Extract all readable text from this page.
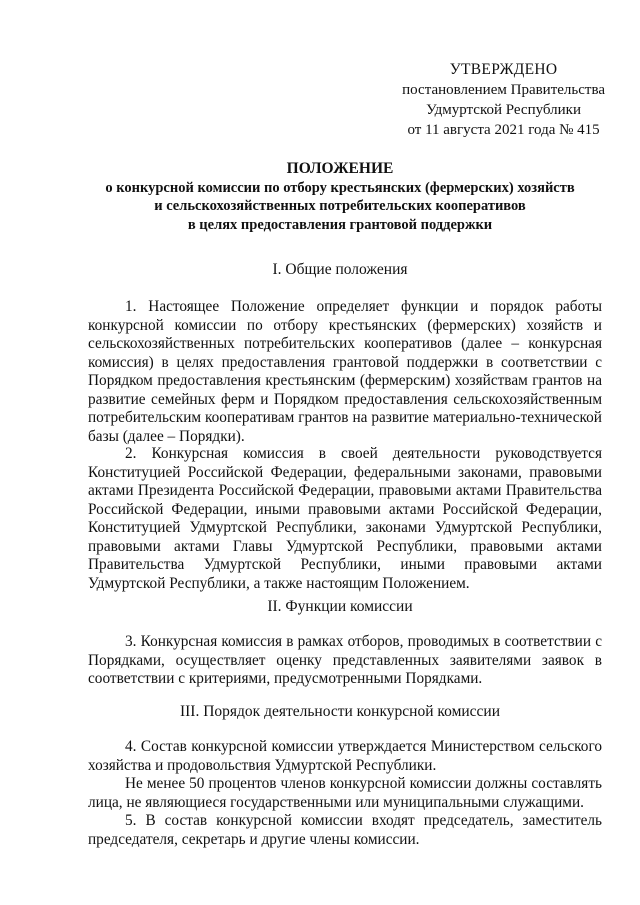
УТВЕРЖДЕНО
постановлением Правительства
Удмуртской Республики
от 11 августа 2021 года № 415
ПОЛОЖЕНИЕ
о конкурсной комиссии по отбору крестьянских (фермерских) хозяйств
и сельскохозяйственных потребительских кооперативов
в целях предоставления грантовой поддержки
I. Общие положения
1. Настоящее Положение определяет функции и порядок работы конкурсной комиссии по отбору крестьянских (фермерских) хозяйств и сельскохозяйственных потребительских кооперативов (далее – конкурсная комиссия) в целях предоставления грантовой поддержки в соответствии с Порядком предоставления крестьянским (фермерским) хозяйствам грантов на развитие семейных ферм и Порядком предоставления сельскохозяйственным потребительским кооперативам грантов на развитие материально-технической базы (далее – Порядки).
2. Конкурсная комиссия в своей деятельности руководствуется Конституцией Российской Федерации, федеральными законами, правовыми актами Президента Российской Федерации, правовыми актами Правительства Российской Федерации, иными правовыми актами Российской Федерации, Конституцией Удмуртской Республики, законами Удмуртской Республики, правовыми актами Главы Удмуртской Республики, правовыми актами Правительства Удмуртской Республики, иными правовыми актами Удмуртской Республики, а также настоящим Положением.
II. Функции комиссии
3. Конкурсная комиссия в рамках отборов, проводимых в соответствии с Порядками, осуществляет оценку представленных заявителями заявок в соответствии с критериями, предусмотренными Порядками.
III. Порядок деятельности конкурсной комиссии
4. Состав конкурсной комиссии утверждается Министерством сельского хозяйства и продовольствия Удмуртской Республики.
Не менее 50 процентов членов конкурсной комиссии должны составлять лица, не являющиеся государственными или муниципальными служащими.
5. В состав конкурсной комиссии входят председатель, заместитель председателя, секретарь и другие члены комиссии.
